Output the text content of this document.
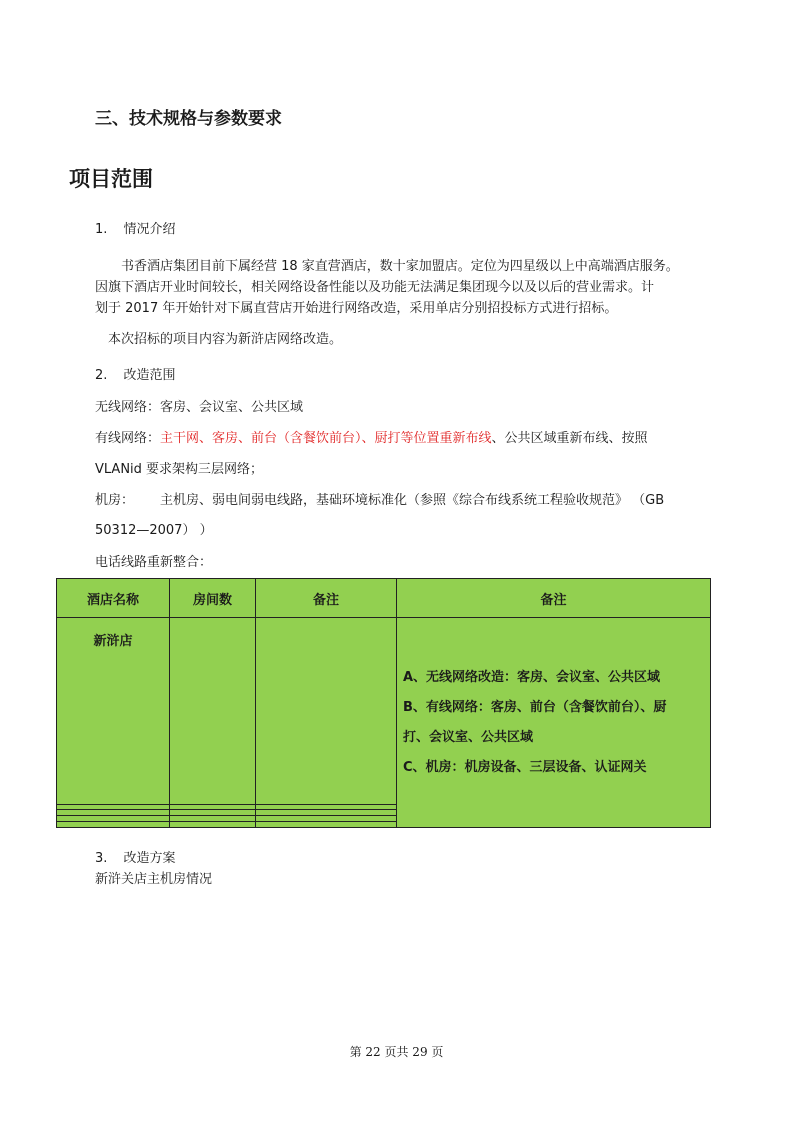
三、技术规格与参数要求
项目范围
1. 情况介绍
书香酒店集团目前下属经营 18 家直营酒店，数十家加盟店。定位为四星级以上中高端酒店服务。
因旗下酒店开业时间较长，相关网络设备性能以及功能无法满足集团现今以及以后的营业需求。计
划于 2017 年开始针对下属直营店开始进行网络改造，采用单店分别招投标方式进行招标。
本次招标的项目内容为新浒店网络改造。
2. 改造范围
无线网络：客房、会议室、公共区域
有线网络：主干网、客房、前台（含餐饮前台）、厨打等位置重新布线、公共区域重新布线、按照
VLANid 要求架构三层网络；
机房： 主机房、弱电间弱电线路，基础环境标准化（参照《综合布线系统工程验收规范》 （GB
50312—2007） ）
电话线路重新整合：
酒店名称	房间数	备注	备注
新浒店			A、无线网络改造：客房、会议室、公共区域
B、有线网络：客房、前台（含餐饮前台）、厨
打、会议室、公共区域
C、机房：机房设备、三层设备、认证网关

3. 改造方案
新浒关店主机房情况
第 22 页共 29 页
